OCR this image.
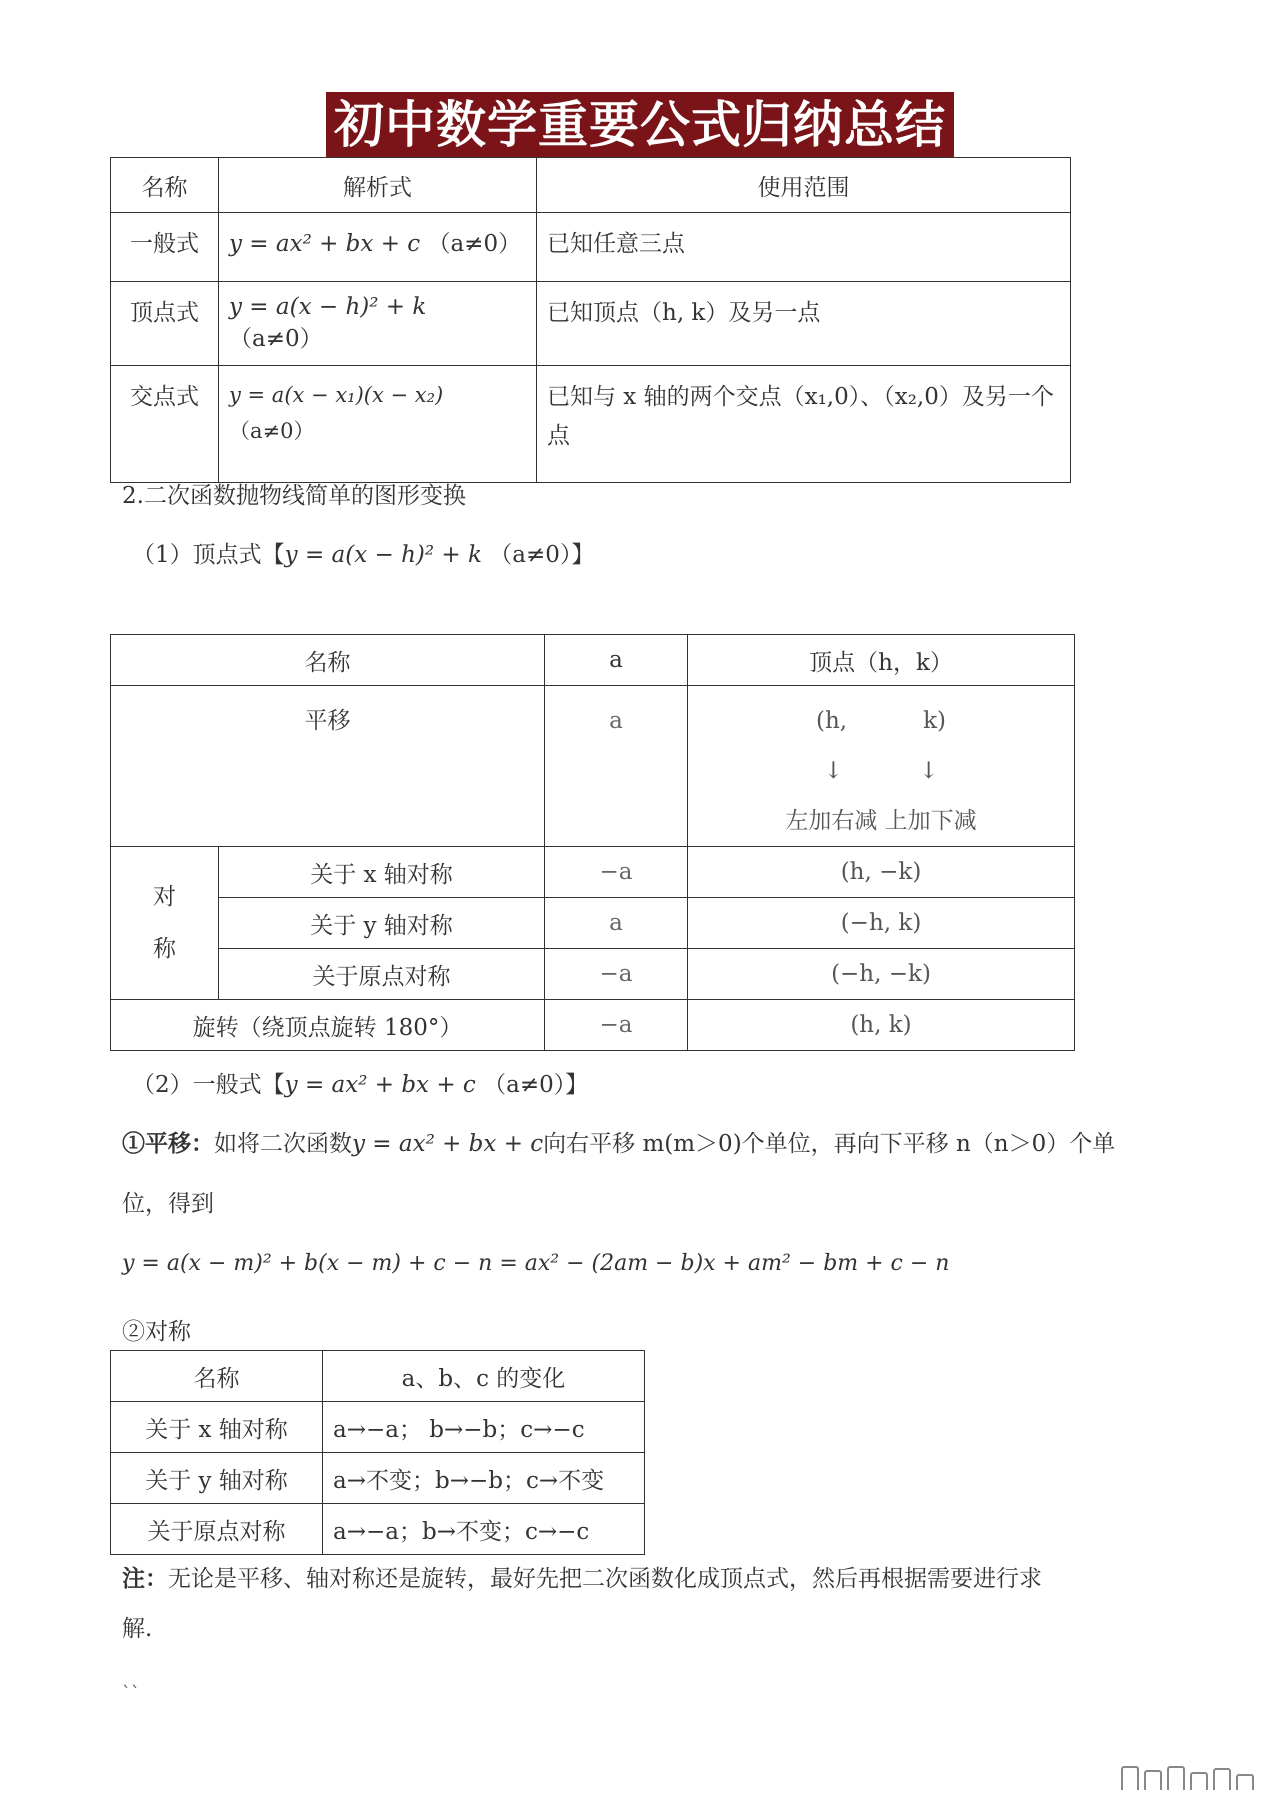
初中数学重要公式归纳总结
名称	解析式	使用范围
一般式	y = ax² + bx + c （a≠0）	已知任意三点
顶点式	y = a(x − h)² + k （a≠0）	已知顶点（h, k）及另一点
交点式	y = a(x − x₁)(x − x₂)（a≠0）	已知与 x 轴的两个交点（x₁,0）、（x₂,0）及另一个点
2.二次函数抛物线简单的图形变换
（1）顶点式【y = a(x − h)² + k （a≠0）】
名称		a	顶点（h，k）
平移		a	(h, k)
↓ ↓
左加右减 上加下减

对
称	关于 x 轴对称	−a	(h, −k)
	关于 y 轴对称	a	(−h, k)
	关于原点对称	−a	(−h, −k)
旋转（绕顶点旋转 180°）		−a	(h, k)
（2）一般式【y = ax² + bx + c （a≠0）】
①平移：如将二次函数y = ax² + bx + c向右平移 m(m＞0)个单位，再向下平移 n（n＞0）个单
位，得到
y = a(x − m)² + b(x − m) + c − n = ax² − (2am − b)x + am² − bm + c − n
②对称
名称	a、b、c 的变化
关于 x 轴对称	a→−a； b→−b；c→−c
关于 y 轴对称	a→不变；b→−b；c→不变
关于原点对称	a→−a；b→不变；c→−c
注：无论是平移、轴对称还是旋转，最好先把二次函数化成顶点式，然后再根据需要进行求
解.
``
